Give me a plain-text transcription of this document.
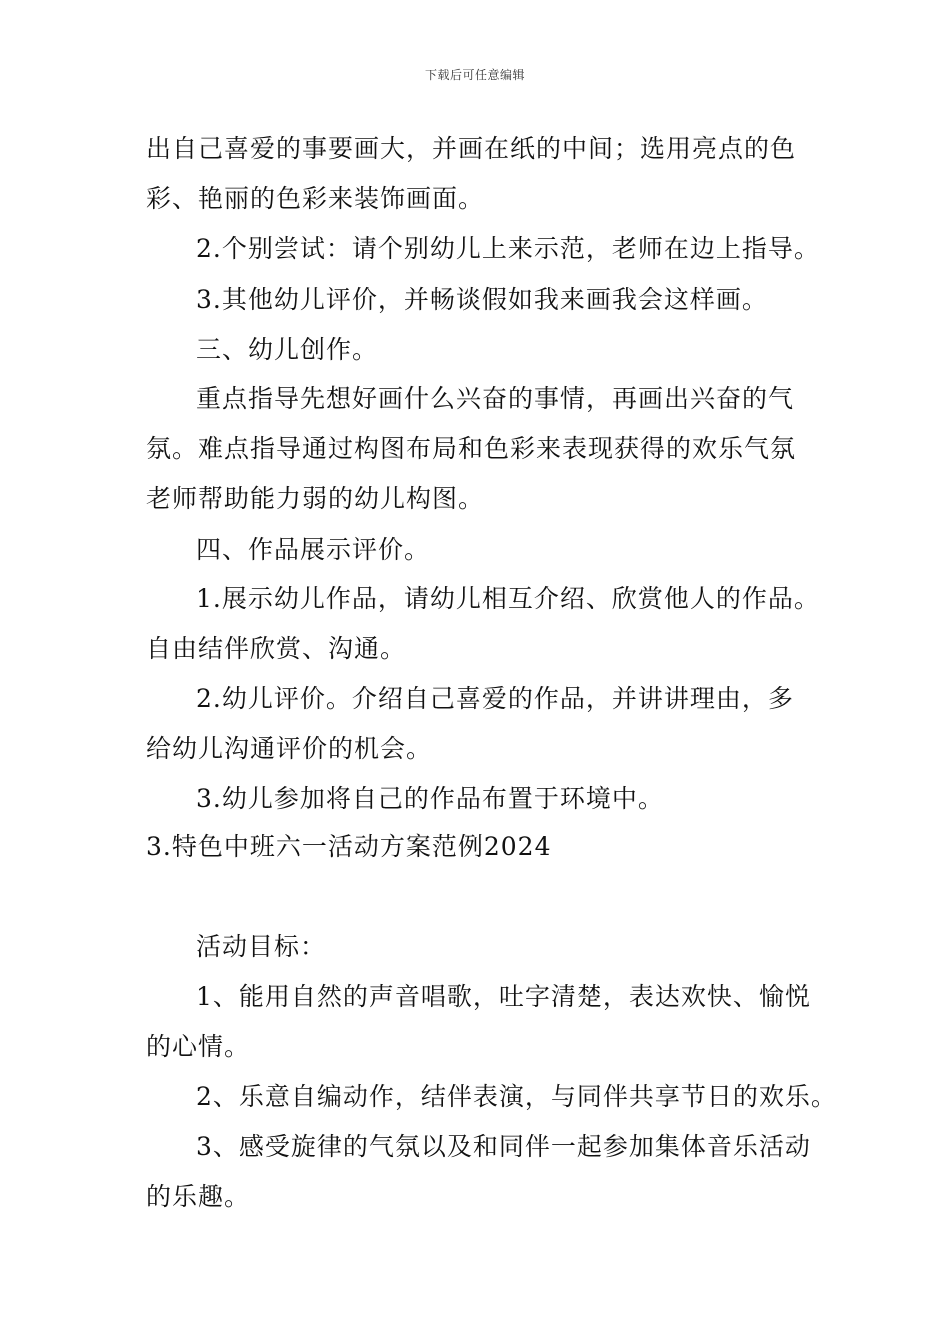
下载后可任意编辑
出自己喜爱的事要画大，并画在纸的中间；选用亮点的色
彩、艳丽的色彩来装饰画面。
2.个别尝试：请个别幼儿上来示范，老师在边上指导。
3.其他幼儿评价，并畅谈假如我来画我会这样画。
三、幼儿创作。
重点指导先想好画什么兴奋的事情，再画出兴奋的气
氛。难点指导通过构图布局和色彩来表现获得的欢乐气氛
老师帮助能力弱的幼儿构图。
四、作品展示评价。
1.展示幼儿作品，请幼儿相互介绍、欣赏他人的作品。
自由结伴欣赏、沟通。
2.幼儿评价。介绍自己喜爱的作品，并讲讲理由，多
给幼儿沟通评价的机会。
3.幼儿参加将自己的作品布置于环境中。
3.特色中班六一活动方案范例2024
活动目标：
1、能用自然的声音唱歌，吐字清楚，表达欢快、愉悦
的心情。
2、乐意自编动作，结伴表演，与同伴共享节日的欢乐。
3、感受旋律的气氛以及和同伴一起参加集体音乐活动
的乐趣。
